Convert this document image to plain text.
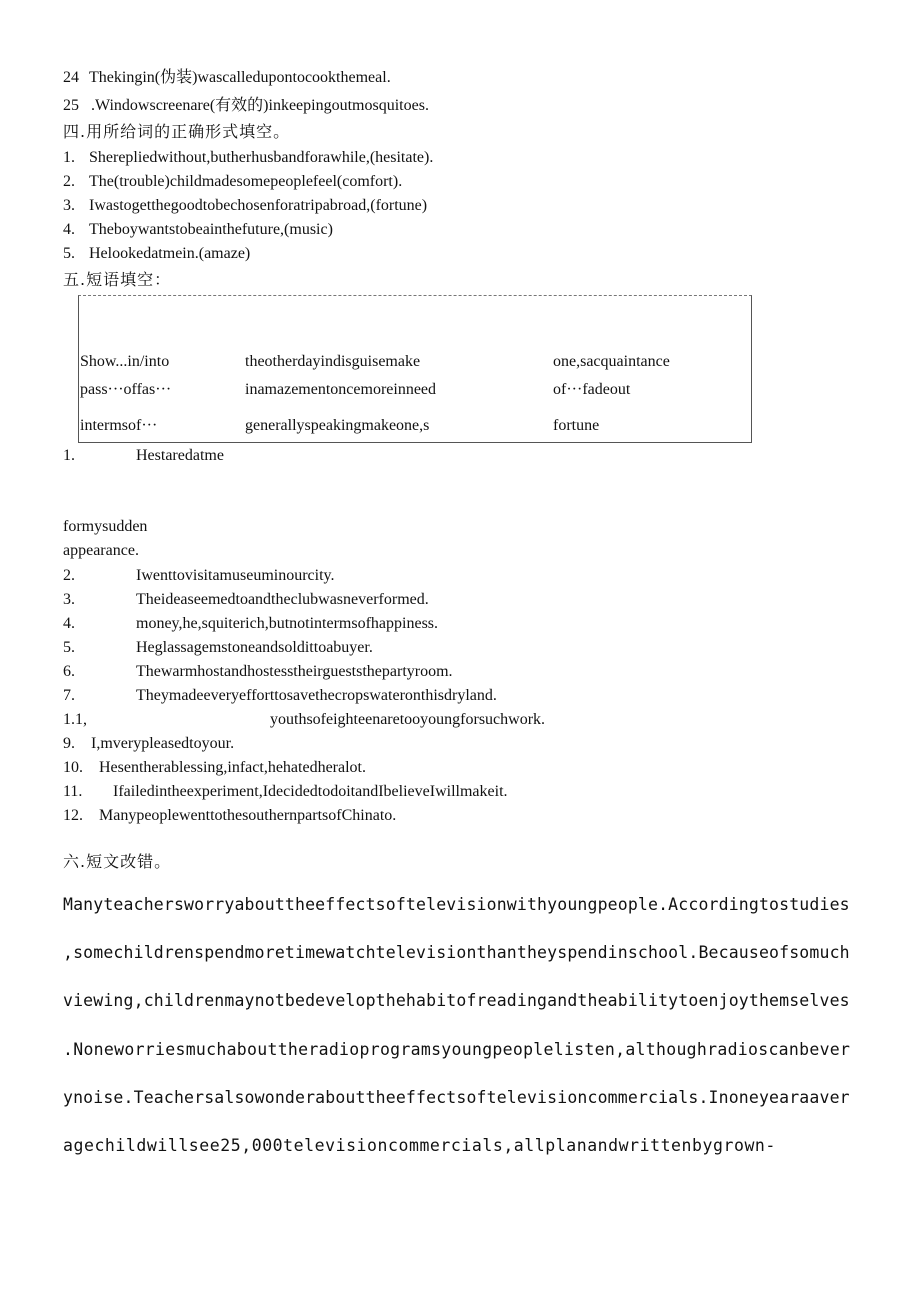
24 Thekingin(伪装)wascalledupontocookthemeal.
25 .Windowscreenare(有效的)inkeepingoutmosquitoes.
四.用所给词的正确形式填空。
1. Sherepliedwithout,butherhusbandforawhile,(hesitate).
2. The(trouble)childmadesomepeoplefeel(comfort).
3. Iwastogetthegoodtobechosenforatripabroad,(fortune)
4. Theboywantstobeainthefuture,(music)
5. Helookedatmein.(amaze)
五.短语填空：
Show...in/into	theotherdayindisguisemake	one,sacquaintance
pass···offas···	inamazementoncemoreinneed	of···fadeout
intermsof···	generallyspeakingmakeone,s	fortune
1.	Hestaredatme
formysudden
appearance.
2.	Iwenttovisitamuseuminourcity.
3.	Theideaseemedtoandtheclubwasneverformed.
4.	money,he,squiterich,butnotintermsofhappiness.
5.	Heglassagemstoneandsoldittoabuyer.
6.	Thewarmhostandhostesstheirgueststhepartyroom.
7.	Theymadeeveryefforttosavethecropswateronthisdryland.
1.1,	youthsofeighteenaretooyoungforsuchwork.
9. I,mverypleasedtoyour.
10. Hesentherablessing,infact,hehatedheralot.
11. Ifailedintheexperiment,IdecidedtodoitandIbelieveIwillmakeit.
12. ManypeoplewenttothesouthernpartsofChinato.
六.短文改错。
Manyteachersworryabouttheeffectsoftelevisionwithyoungpeople.Accordingtostudies
,somechildrenspendmoretimewatchtelevisionthantheyspendinschool.Becauseofsomuch
viewing,childrenmaynotbedevelopthehabitofreadingandtheabilitytoenjoythemselves
.Noneworriesmuchabouttheradioprogramsyoungpeoplelisten,althoughradioscanbever
ynoise.Teachersalsowonderabouttheeffectsoftelevisioncommercials.Inoneyearaaver
agechildwillsee25,000televisioncommercials,allplanandwrittenbygrown-
